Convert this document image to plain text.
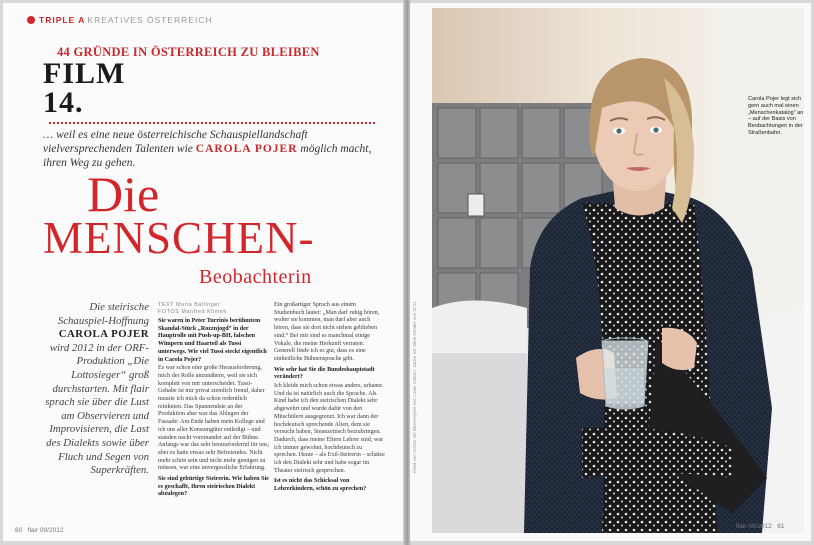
TRIPLE A KREATIVES ÖSTERREICH
44 GRÜNDE IN ÖSTERREICH ZU BLEIBEN
FILM
14.
… weil es eine neue österreichische Schauspiellandschaft vielversprechenden Talenten wie CAROLA POJER möglich macht, ihren Weg zu gehen.
Die
MENSCHEN-
Beobachterin
Die steirische Schauspiel-Hoffnung CAROLA POJER wird 2012 in der ORF-Produktion „Die Lottosieger“ groß durchstarten. Mit flair sprach sie über die Lust am Observieren und Improvisieren, die Last des Dialekts sowie über Fluch und Segen von Superkräften.
TEXT Maria Ballinger
FOTOS Manfred Klimek

Sie waren in Peter Turrinis berühmtem Skandal-Stück „Rozznjogd“ in der Hauptrolle mit Push-up-BH, falschen Wimpern und Haarteil als Tussi unterwegs. Wie viel Tussi steckt eigentlich in Carola Pojer?

Es war schon eine große Herausforderung, mich der Rolle anzunähern, weil sie sich komplett von mir unterscheidet. Tussi-Gehabe ist mir privat ziemlich fremd, daher musste ich mich da schon ordentlich reinknien. Das Spannendste an der Produktion aber war das Ablegen der Fassade: Am Ende haben mein Kollege und ich uns aller Konsumgüter entledigt – und standen nackt voreinander auf der Bühne. Anfangs war das sehr herausfordernd für uns, aber es hatte etwas sehr Befreiendes. Nicht mehr schön sein und nicht mehr genügen zu müssen, war eine unvergessliche Erfahrung.

Sie sind gebürtige Steirerin. Wie haben Sie es geschafft, Ihren steirischen Dialekt abzulegen?

Ein großartiger Spruch aus einem Studienbuch lautet: „Man darf ruhig hören, woher sie kommen, man darf aber auch hören, dass sie dort nicht stehen geblieben sind.“ Bei mir sind es manchmal einige Vokale, die meine Herkunft verraten. Generell finde ich es gut, dass es eine einheitliche Bühnensprache gibt.

Wie sehr hat Sie die Bundeshauptstadt verändert?

Ich kleide mich schon etwas anders, urbaner. Und da ist natürlich auch die Sprache. Als Kind habe ich den steirischen Dialekt sehr abgewehrt und wurde dafür von den Mitschülern ausgegrenzt. Ich war dann der hochdeutsch sprechende Alien, dem sie versucht haben, Steanzeitisch beizubringen. Dadurch, dass meine Eltern Lehrer sind, war ich immer gewohnt, hochdeutsch zu sprechen. Heute – als Exil-Steirerin – schätze ich den Dialekt sehr und habe sogar im Theater steirisch gesprochen.

Ist es nicht das Schicksal von Lehrerkindern, schön zu sprechen?

60 flair 09/2012
Carola Pojer legt sich gern auch mal einen „Menschenkatalog“ an – auf der Basis von Beobachtungen in der Straßenbahn.
flair 09/2012 61
Kleid von Schön mit Blumenprint von Louis Vuitton, Jacke mit Stick-Details von N°21.
